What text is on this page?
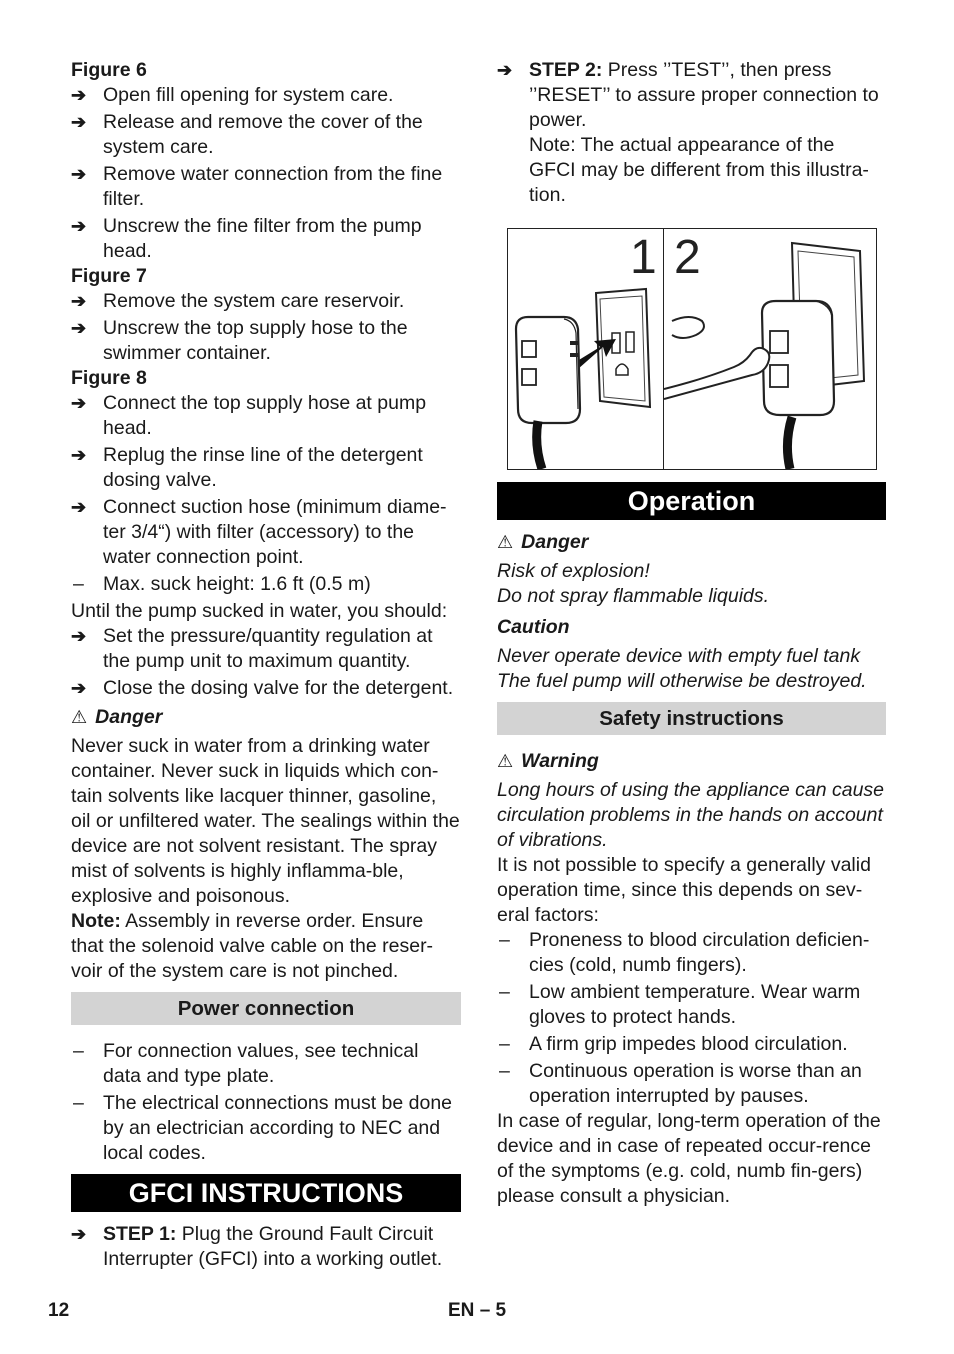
Figure 6
➔ Open fill opening for system care.
➔ Release and remove the cover of the system care.
➔ Remove water connection from the fine filter.
➔ Unscrew the fine filter from the pump head.
Figure 7
➔ Remove the system care reservoir.
➔ Unscrew the top supply hose to the swimmer container.
Figure 8
➔ Connect the top supply hose at pump head.
➔ Replug the rinse line of the detergent dosing valve.
➔ Connect suction hose (minimum diame-ter 3/4“) with filter (accessory) to the water connection point.
– Max. suck height: 1.6 ft (0.5 m)
Until the pump sucked in water, you should:
➔ Set the pressure/quantity regulation at the pump unit to maximum quantity.
➔ Close the dosing valve for the detergent.
⚠ Danger
Never suck in water from a drinking water container. Never suck in liquids which con-tain solvents like lacquer thinner, gasoline, oil or unfiltered water. The sealings within the device are not solvent resistant. The spray mist of solvents is highly inflamma-ble, explosive and poisonous.
Note: Assembly in reverse order. Ensure that the solenoid valve cable on the reser-voir of the system care is not pinched.
Power connection
– For connection values, see technical data and type plate.
– The electrical connections must be done by an electrician according to NEC and local codes.
GFCI INSTRUCTIONS
➔ STEP 1: Plug the Ground Fault Circuit Interrupter (GFCI) into a working outlet.
➔ STEP 2: Press ’’TEST’’, then press ’’RESET’’ to assure proper connection to power.
Note: The actual appearance of the GFCI may be different from this illustra-tion.
1 2
Operation
⚠ Danger
Risk of explosion!
Do not spray flammable liquids.
Caution
Never operate device with empty fuel tank
The fuel pump will otherwise be destroyed.
Safety instructions
⚠ Warning
Long hours of using the appliance can cause circulation problems in the hands on account of vibrations.
It is not possible to specify a generally valid operation time, since this depends on sev-eral factors:
– Proneness to blood circulation deficien-cies (cold, numb fingers).
– Low ambient temperature. Wear warm gloves to protect hands.
– A firm grip impedes blood circulation.
– Continuous operation is worse than an operation interrupted by pauses.
In case of regular, long-term operation of the device and in case of repeated occur-rence of the symptoms (e.g. cold, numb fin-gers) please consult a physician.
12	EN – 5
